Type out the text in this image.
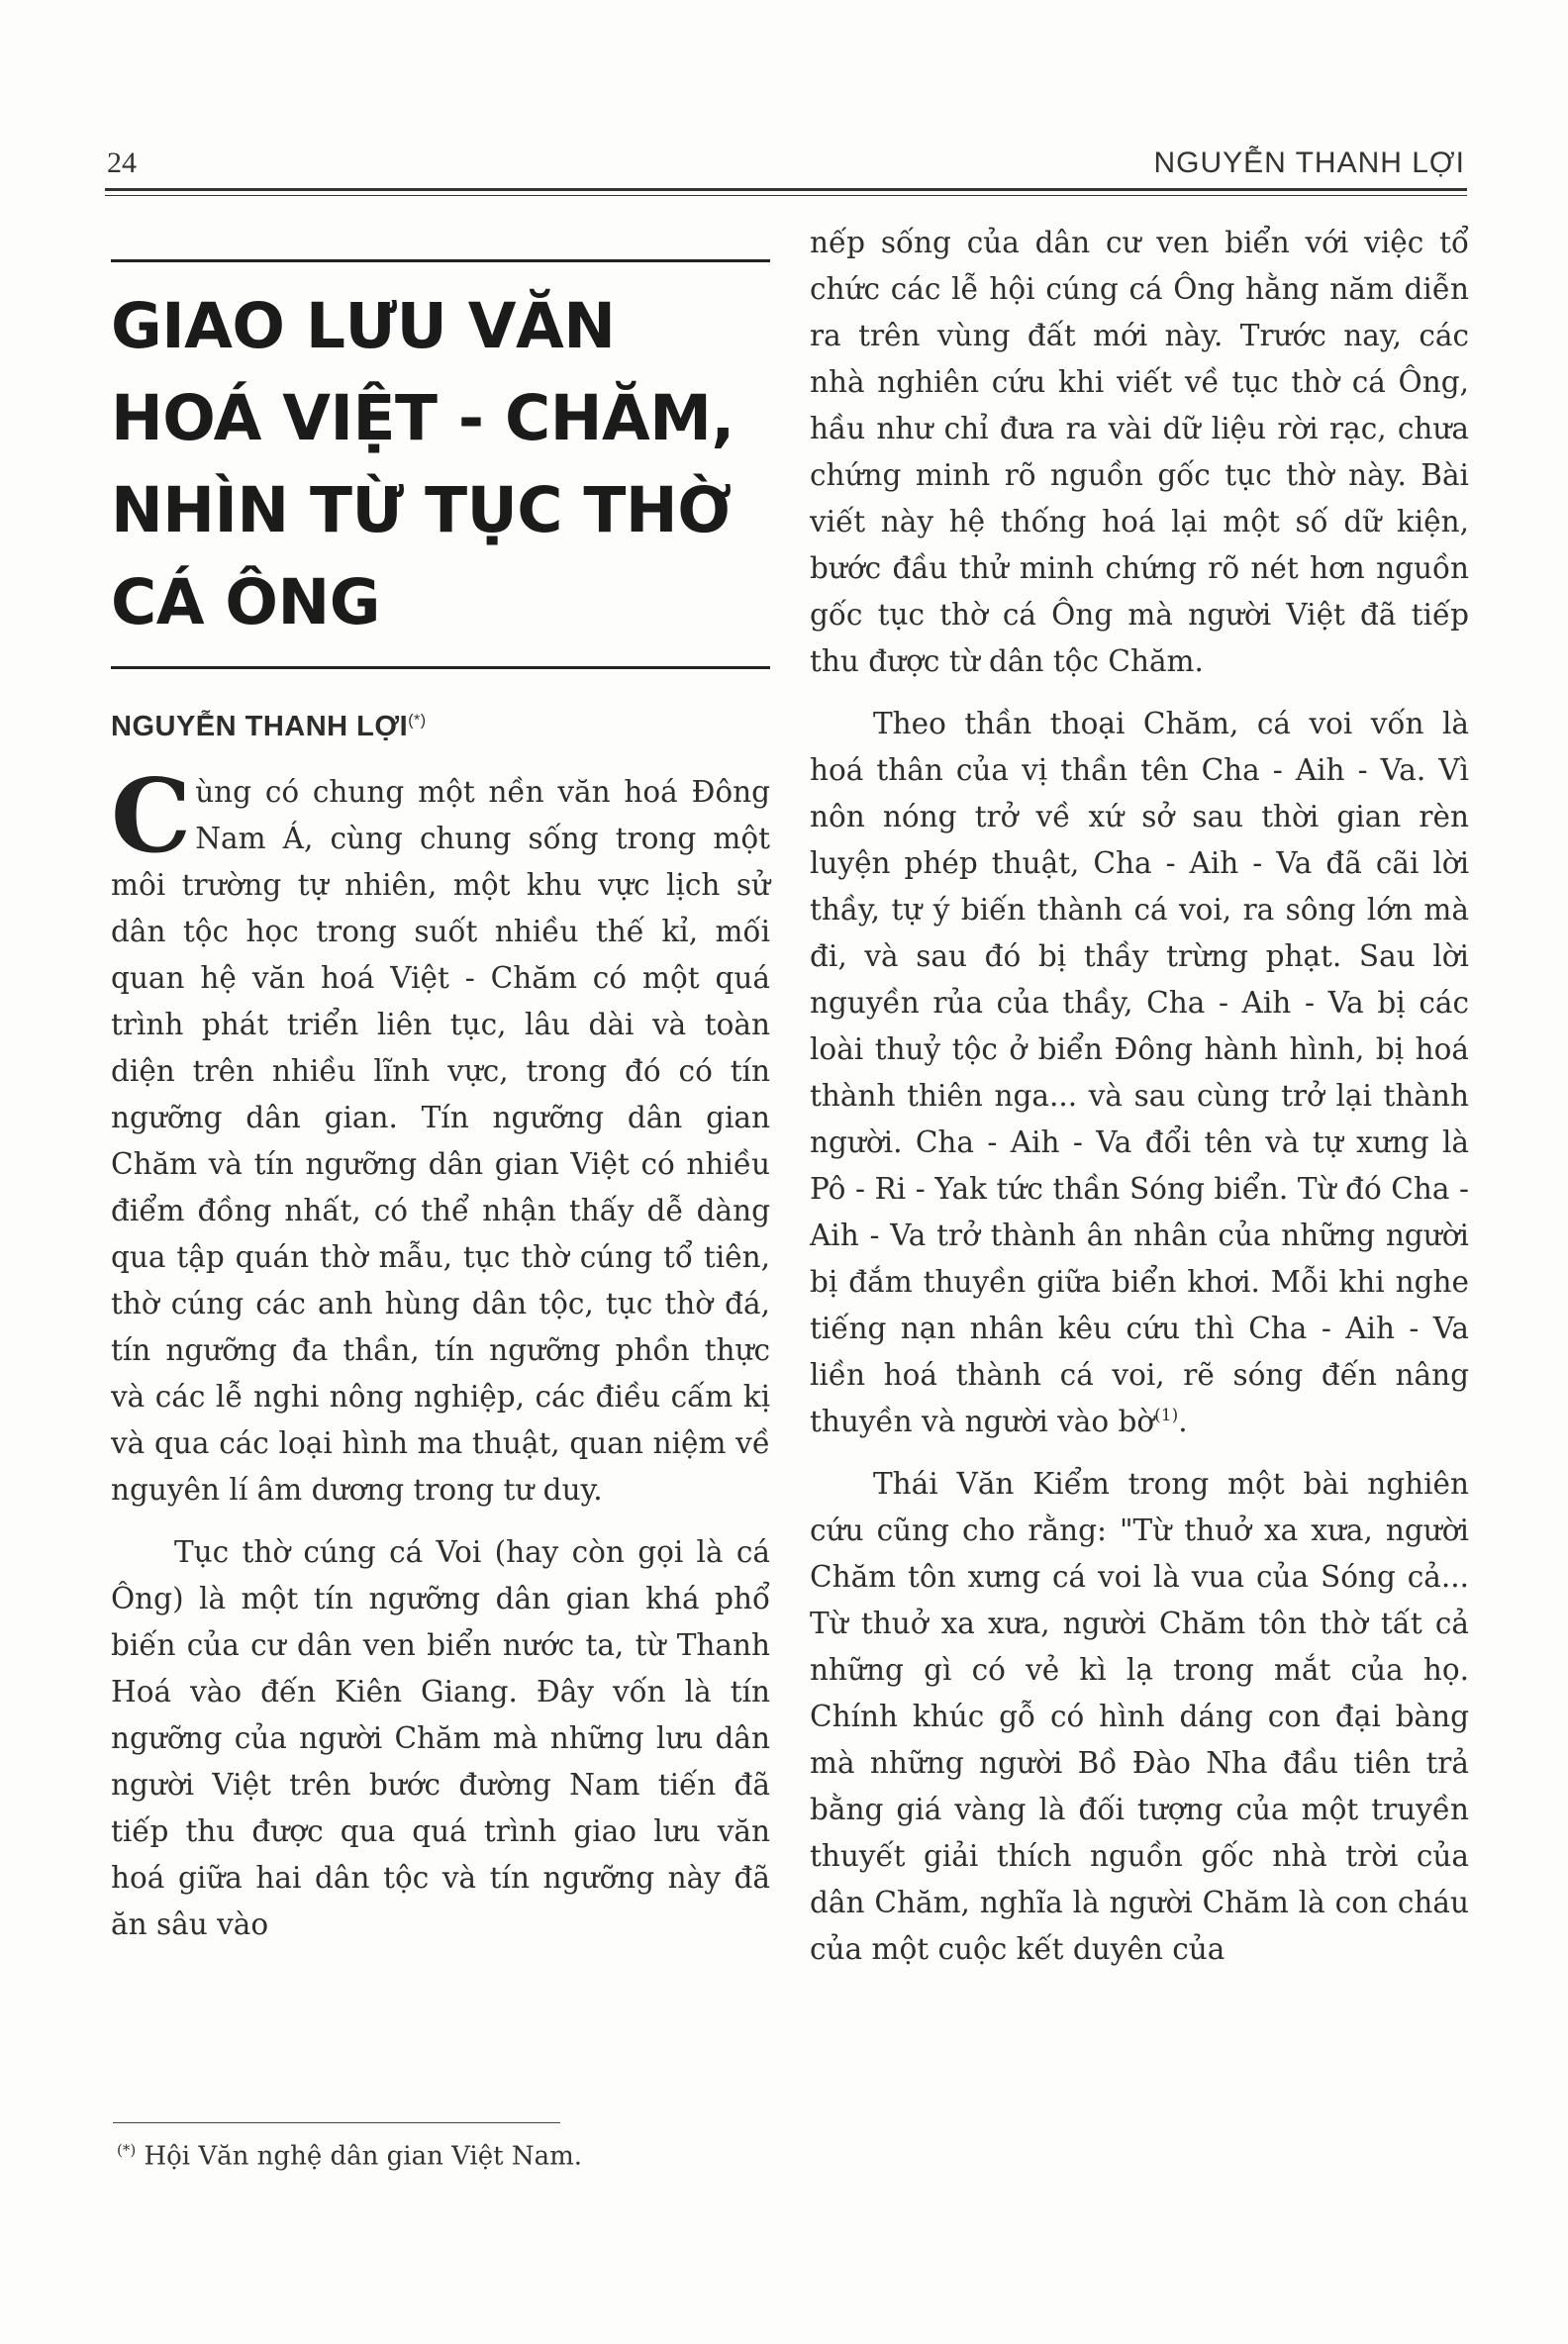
24	NGUYỄN THANH LỢI
GIAO LƯU VĂN
HOÁ VIỆT - CHĂM,
NHÌN TỪ TỤC THỜ
CÁ ÔNG
NGUYỄN THANH LỢI(*)

Cùng có chung một nền văn hoá Đông Nam Á, cùng chung sống trong một môi trường tự nhiên, một khu vực lịch sử dân tộc học trong suốt nhiều thế kỉ, mối quan hệ văn hoá Việt - Chăm có một quá trình phát triển liên tục, lâu dài và toàn diện trên nhiều lĩnh vực, trong đó có tín ngưỡng dân gian. Tín ngưỡng dân gian Chăm và tín ngưỡng dân gian Việt có nhiều điểm đồng nhất, có thể nhận thấy dễ dàng qua tập quán thờ mẫu, tục thờ cúng tổ tiên, thờ cúng các anh hùng dân tộc, tục thờ đá, tín ngưỡng đa thần, tín ngưỡng phồn thực và các lễ nghi nông nghiệp, các điều cấm kị và qua các loại hình ma thuật, quan niệm về nguyên lí âm dương trong tư duy.

Tục thờ cúng cá Voi (hay còn gọi là cá Ông) là một tín ngưỡng dân gian khá phổ biến của cư dân ven biển nước ta, từ Thanh Hoá vào đến Kiên Giang. Đây vốn là tín ngưỡng của người Chăm mà những lưu dân người Việt trên bước đường Nam tiến đã tiếp thu được qua quá trình giao lưu văn hoá giữa hai dân tộc và tín ngưỡng này đã ăn sâu vào

nếp sống của dân cư ven biển với việc tổ chức các lễ hội cúng cá Ông hằng năm diễn ra trên vùng đất mới này. Trước nay, các nhà nghiên cứu khi viết về tục thờ cá Ông, hầu như chỉ đưa ra vài dữ liệu rời rạc, chưa chứng minh rõ nguồn gốc tục thờ này. Bài viết này hệ thống hoá lại một số dữ kiện, bước đầu thử minh chứng rõ nét hơn nguồn gốc tục thờ cá Ông mà người Việt đã tiếp thu được từ dân tộc Chăm.

Theo thần thoại Chăm, cá voi vốn là hoá thân của vị thần tên Cha - Aih - Va. Vì nôn nóng trở về xứ sở sau thời gian rèn luyện phép thuật, Cha - Aih - Va đã cãi lời thầy, tự ý biến thành cá voi, ra sông lớn mà đi, và sau đó bị thầy trừng phạt. Sau lời nguyền rủa của thầy, Cha - Aih - Va bị các loài thuỷ tộc ở biển Đông hành hình, bị hoá thành thiên nga... và sau cùng trở lại thành người. Cha - Aih - Va đổi tên và tự xưng là Pô - Ri - Yak tức thần Sóng biển. Từ đó Cha - Aih - Va trở thành ân nhân của những người bị đắm thuyền giữa biển khơi. Mỗi khi nghe tiếng nạn nhân kêu cứu thì Cha - Aih - Va liền hoá thành cá voi, rẽ sóng đến nâng thuyền và người vào bờ$^{(1)}$.

Thái Văn Kiểm trong một bài nghiên cứu cũng cho rằng: "Từ thuở xa xưa, người Chăm tôn xưng cá voi là vua của Sóng cả... Từ thuở xa xưa, người Chăm tôn thờ tất cả những gì có vẻ kì lạ trong mắt của họ. Chính khúc gỗ có hình dáng con đại bàng mà những người Bồ Đào Nha đầu tiên trả bằng giá vàng là đối tượng của một truyền thuyết giải thích nguồn gốc nhà trời của dân Chăm, nghĩa là người Chăm là con cháu của một cuộc kết duyên của

(*) Hội Văn nghệ dân gian Việt Nam.
